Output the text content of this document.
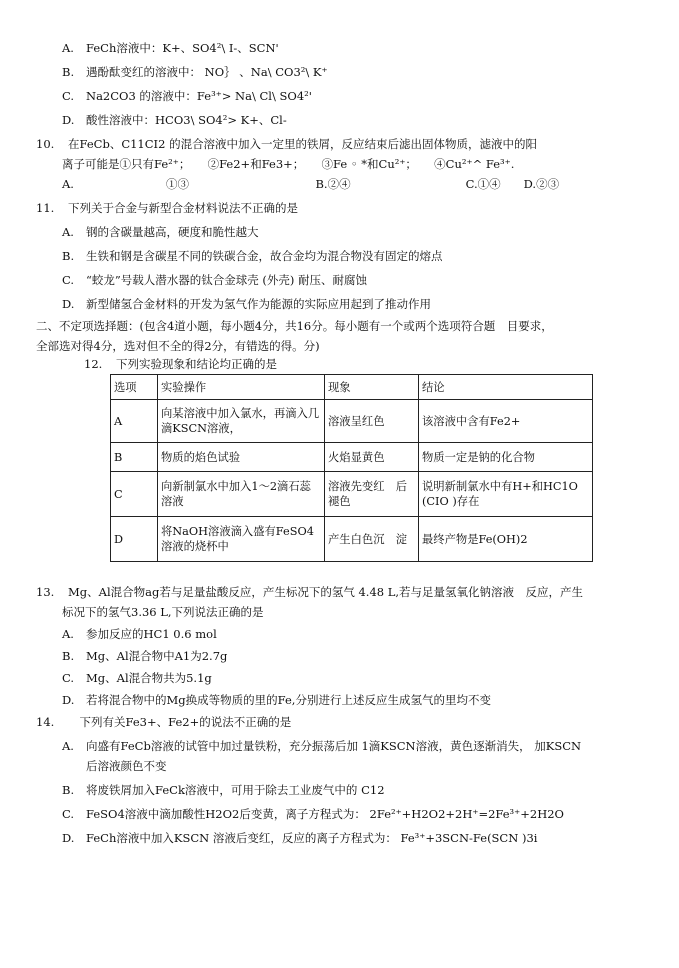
A. FeCh溶液中：K+、SO4²\ I-、SCN'
B. 遇酚酞变红的溶液中： NO｝ 、Na\ CO3²\ K⁺
C. Na2CO3 的溶液中：Fe³⁺> Na\ Cl\ SO4²'
D. 酸性溶液中：HCO3\ SO4²> K+、Cl-
10. 在FeCb、C11CI2 的混合溶液中加入一定里的铁屑，反应结束后滤出固体物质，滤液中的阳
离子可能是①只有Fe²⁺；　　②Fe2+和Fe3+；　　③Fe ◦ *和Cu²⁺；　　④Cu²⁺^ Fe³⁺.
A.　　　　　　　　①③　　　　　　　　　　　B.②④　　　　　　　　　　C.①④　　D.②③
11. 下列关于合金与新型合金材料说法不正确的是
A. 钢的含碳量越高，硬度和脆性越大
B. 生铁和钢是含碳星不同的铁碳合金，故合金均为混合物没有固定的熔点
C. “蛟龙”号载人潜水器的钛合金球壳 (外壳) 耐压、耐腐蚀
D. 新型储氢合金材料的开发为氢气作为能源的实际应用起到了推动作用
二、不定项选择题：(包含4道小题，每小题4分，共16分。每小题有一个或两个选项符合题　目要求，
全部选对得4分，选对但不全的得2分，有错选的得。分)
12. 下列实验现象和结论均正确的是
选项	实验操作	现象	结论
A	向某溶液中加入氯水，再滴入几滴KSCN溶液，	溶液呈红色	该溶液中含有Fe2+
B	物质的焰色试验	火焰显黄色	物质一定是钠的化合物
C	向新制氯水中加入1～2滴石蕊溶液	溶液先变红　后褪色	说明新制氯水中有H+和HC1O (CIO )存在
D	将NaOH溶液滴入盛有FeSO4溶液的烧杯中	产生白色沉　淀	最终产物是Fe(OH)2
13. Mg、Al混合物ag若与足量盐酸反应，产生标况下的氢气 4.48 L,若与足量氢氧化钠溶液　反应，产生
标况下的氢气3.36 L,下列说法正确的是
A. 参加反应的HC1 0.6 mol
B. Mg、Al混合物中A1为2.7g
C. Mg、Al混合物共为5.1g
D. 若将混合物中的Mg换成等物质的里的Fe,分别进行上述反应生成氢气的里均不变
14.　下列有关Fe3+、Fe2+的说法不正确的是
A. 向盛有FeCb溶液的试管中加过量铁粉，充分振荡后加 1滴KSCN溶液，黄色逐渐消失， 加KSCN
后溶液颜色不变
B. 将废铁屑加入FeCk溶液中，可用于除去工业废气中的 C12
C. FeSO4溶液中滴加酸性H2O2后变黄，离子方程式为： 2Fe²⁺+H2O2+2H⁺=2Fe³⁺+2H2O
D. FeCh溶液中加入KSCN 溶液后变红，反应的离子方程式为： Fe³⁺+3SCN-Fe(SCN )3i
